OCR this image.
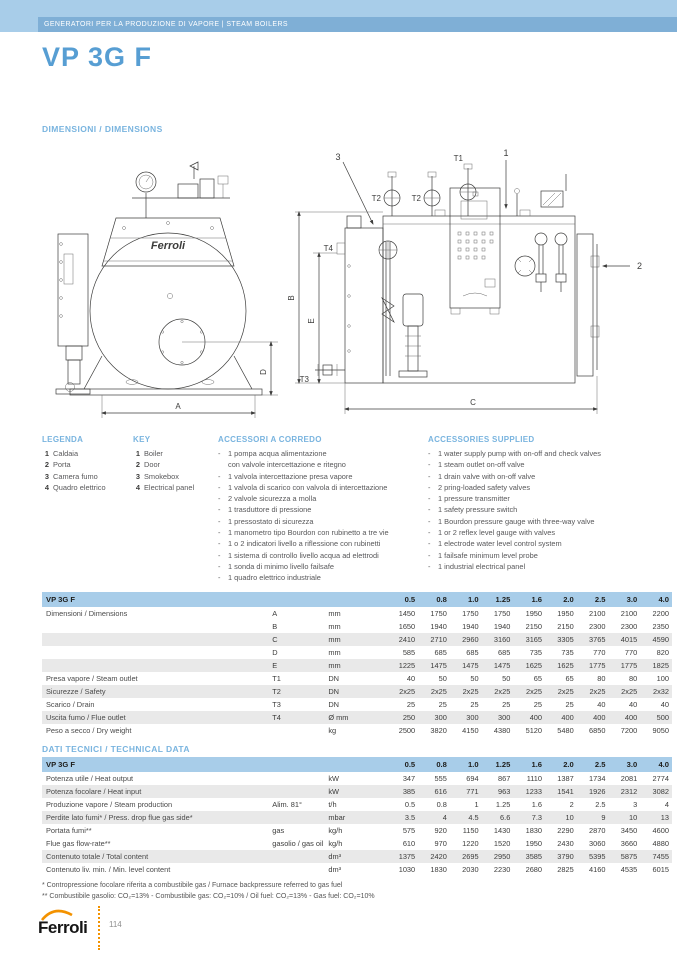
GENERATORI PER LA PRODUZIONE DI VAPORE | STEAM BOILERS
VP 3G F
DIMENSIONI / DIMENSIONS
Ferroli
A
D
T4
T2	T2
T1
1
3
2
T3
B
E
C
LEGENDA
1 Caldaia
2 Porta
3 Camera fumo
4 Quadro elettrico
KEY
1 Boiler
2 Door
3 Smokebox
4 Electrical panel
ACCESSORI A CORREDO
-	1 pompa acqua alimentazione
con valvole intercettazione e ritegno
-	1 valvola intercettazione presa vapore
-	1 valvola di scarico con valvola di intercettazione
-	2 valvole sicurezza a molla
-	1 trasduttore di pressione
-	1 pressostato di sicurezza
-	1 manometro tipo Bourdon con rubinetto a tre vie
-	1 o 2 indicatori livello a riflessione con rubinetti
-	1 sistema di controllo livello acqua ad elettrodi
-	1 sonda di minimo livello failsafe
-	1 quadro elettrico industriale
ACCESSORIES SUPPLIED
-	1 water supply pump with on-off and check valves
-	1 steam outlet on-off valve
-	1 drain valve with on-off valve
-	2 pring-loaded safety valves
-	1 pressure transmitter
-	1 safety pressure switch
-	1 Bourdon pressure gauge with three-way valve
-	1 or 2 reflex level gauge with valves
-	1 electrode water level control system
-	1 failsafe minimum level probe
-	1 industrial electrical panel
VP 3G F			0.5	0.8	1.0	1.25	1.6	2.0	2.5	3.0	4.0
Dimensioni / Dimensions	A	mm	1450	1750	1750	1750	1950	1950	2100	2100	2200
	B	mm	1650	1940	1940	1940	2150	2150	2300	2300	2350
	C	mm	2410	2710	2960	3160	3165	3305	3765	4015	4590
	D	mm	585	685	685	685	735	735	770	770	820
	E	mm	1225	1475	1475	1475	1625	1625	1775	1775	1825
Presa vapore / Steam outlet	T1	DN	40	50	50	50	65	65	80	80	100
Sicurezze / Safety	T2	DN	2x25	2x25	2x25	2x25	2x25	2x25	2x25	2x25	2x32
Scarico / Drain	T3	DN	25	25	25	25	25	25	40	40	40
Uscita fumo / Flue outlet	T4	Ø mm	250	300	300	300	400	400	400	400	500
Peso a secco / Dry weight		kg	2500	3820	4150	4380	5120	5480	6850	7200	9050
DATI TECNICI / TECHNICAL DATA
VP 3G F			0.5	0.8	1.0	1.25	1.6	2.0	2.5	3.0	4.0
Potenza utile / Heat output		kW	347	555	694	867	1110	1387	1734	2081	2774
Potenza focolare / Heat input		kW	385	616	771	963	1233	1541	1926	2312	3082
Produzione vapore / Steam production	Alim. 81°	t/h	0.5	0.8	1	1.25	1.6	2	2.5	3	4
Perdite lato fumi* / Press. drop flue gas side*		mbar	3.5	4	4.5	6.6	7.3	10	9	10	13
Portata fumi**	gas	kg/h	575	920	1150	1430	1830	2290	2870	3450	4600
Flue gas flow-rate**	gasolio / gas oil	kg/h	610	970	1220	1520	1950	2430	3060	3660	4880
Contenuto totale / Total content		dm³	1375	2420	2695	2950	3585	3790	5395	5875	7455
Contenuto liv. min. / Min. level content		dm³	1030	1830	2030	2230	2680	2825	4160	4535	6015
* Contropressione focolare riferita a combustibile gas / Furnace backpressure referred to gas fuel
** Combustibile gasolio: CO₂=13% - Combustibile gas: CO₂=10% / Oil fuel: CO₂=13% - Gas fuel: CO₂=10%
Ferroli	114
